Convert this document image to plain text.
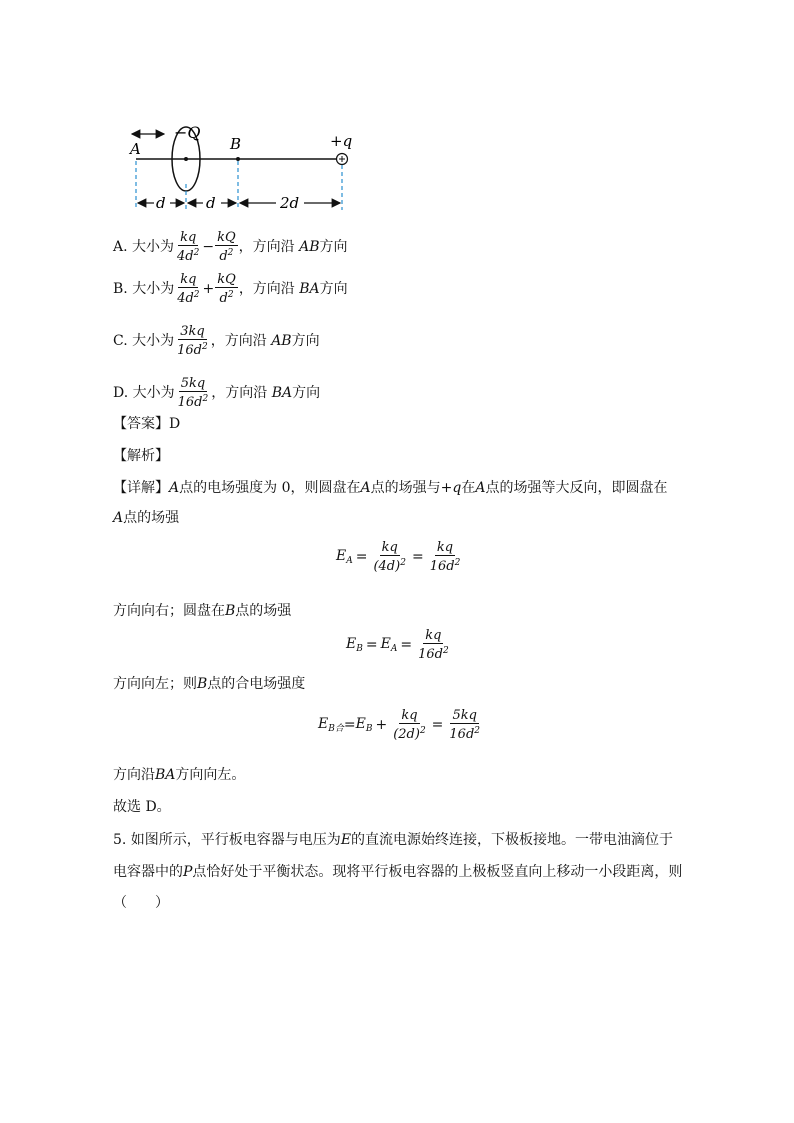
−Q
A	B	+q
d	d	2d
A. 大小为 $\frac{kq}{4d^2} - \frac{kQ}{d^2}$ ，方向沿 AB方向
B. 大小为 $\frac{kq}{4d^2} + \frac{kQ}{d^2}$ ，方向沿 BA方向
C. 大小为 $\frac{3kq}{16d^2}$ ，方向沿 AB方向
D. 大小为 $\frac{5kq}{16d^2}$ ，方向沿 BA方向
【答案】D
【解析】
【详解】A点的电场强度为 0，则圆盘在A点的场强与+q在A点的场强等大反向，即圆盘在
A点的场强
$E_A = \frac{kq}{(4d)^2} = \frac{kq}{16d^2}$
方向向右；圆盘在B点的场强
$E_B = E_A = \frac{kq}{16d^2}$
方向向左；则B点的合电场强度
$E_{B合} = E_B + \frac{kq}{(2d)^2} = \frac{5kq}{16d^2}$
方向沿BA方向向左。
故选 D。
5. 如图所示，平行板电容器与电压为E的直流电源始终连接，下极板接地。一带电油滴位于
电容器中的P点恰好处于平衡状态。现将平行板电容器的上极板竖直向上移动一小段距离，则
（　　）
